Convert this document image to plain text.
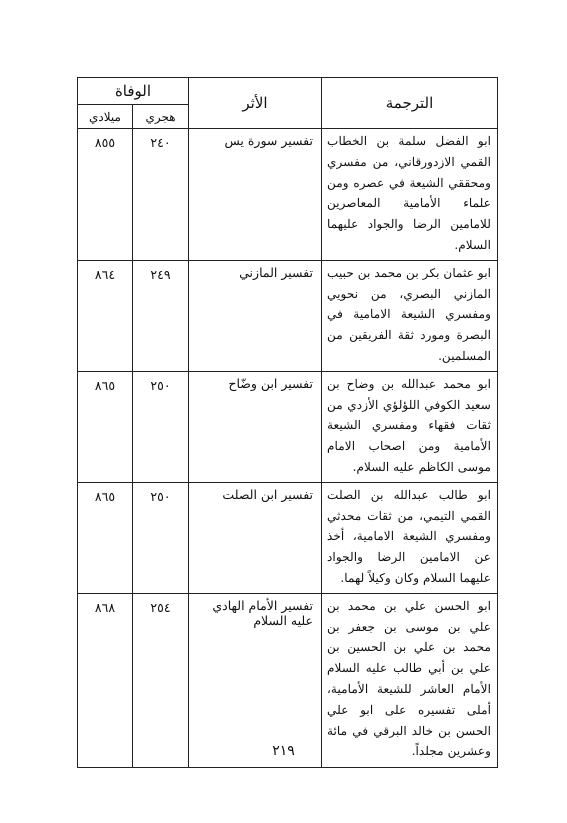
الترجمة	الأثر	الوفاة	
		هجري	ميلادي

ابو الفضل سلمة بن الخطاب القمي الازدورقاني، من مفسري ومحققي الشيعة في عصره ومن علماء الأمامية المعاصرين للامامين الرضا والجواد عليهما السلام.	تفسير سورة يس	٢٤٠	٨٥٥

ابو عثمان بكر بن محمد بن حبيب المازني البصري، من نحويي ومفسري الشيعة الامامية في البصرة ومورد ثقة الفريقين من المسلمين.	تفسير المازني	٢٤٩	٨٦٤

ابو محمد عبدالله بن وضاح بن سعيد الكوفي اللؤلؤي الأزدي من ثقات فقهاء ومفسري الشيعة الأمامية ومن اصحاب الامام موسى الكاظم عليه السلام.	تفسير ابن وضّاح	٢٥٠	٨٦٥

ابو طالب عبدالله بن الصلت القمي التيمي، من ثقات محدثي ومفسري الشيعة الامامية، أخذ عن الامامين الرضا والجواد عليهما السلام وكان وكيلاً لهما.	تفسير ابن الصلت	٢٥٠	٨٦٥

ابو الحسن علي بن محمد بن علي بن موسى بن جعفر بن محمد بن علي بن الحسين بن علي بن أبي طالب عليه السلام الأمام العاشر للشيعة الأمامية، أملى تفسيره على ابو علي الحسن بن خالد البرقي في مائة وعشرين مجلداً.	تفسير الأمام الهادي عليه السلام	٢٥٤	٨٦٨
٢١٩
